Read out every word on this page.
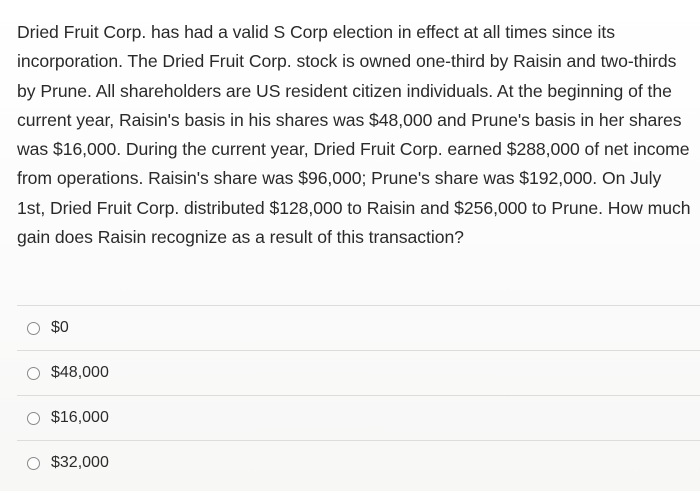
Dried Fruit Corp. has had a valid S Corp election in effect at all times since its incorporation. The Dried Fruit Corp. stock is owned one-third by Raisin and two-thirds by Prune. All shareholders are US resident citizen individuals. At the beginning of the current year, Raisin's basis in his shares was $48,000 and Prune's basis in her shares was $16,000. During the current year, Dried Fruit Corp. earned $288,000 of net income from operations. Raisin's share was $96,000; Prune's share was $192,000. On July 1st, Dried Fruit Corp. distributed $128,000 to Raisin and $256,000 to Prune. How much gain does Raisin recognize as a result of this transaction?
$0
$48,000
$16,000
$32,000
